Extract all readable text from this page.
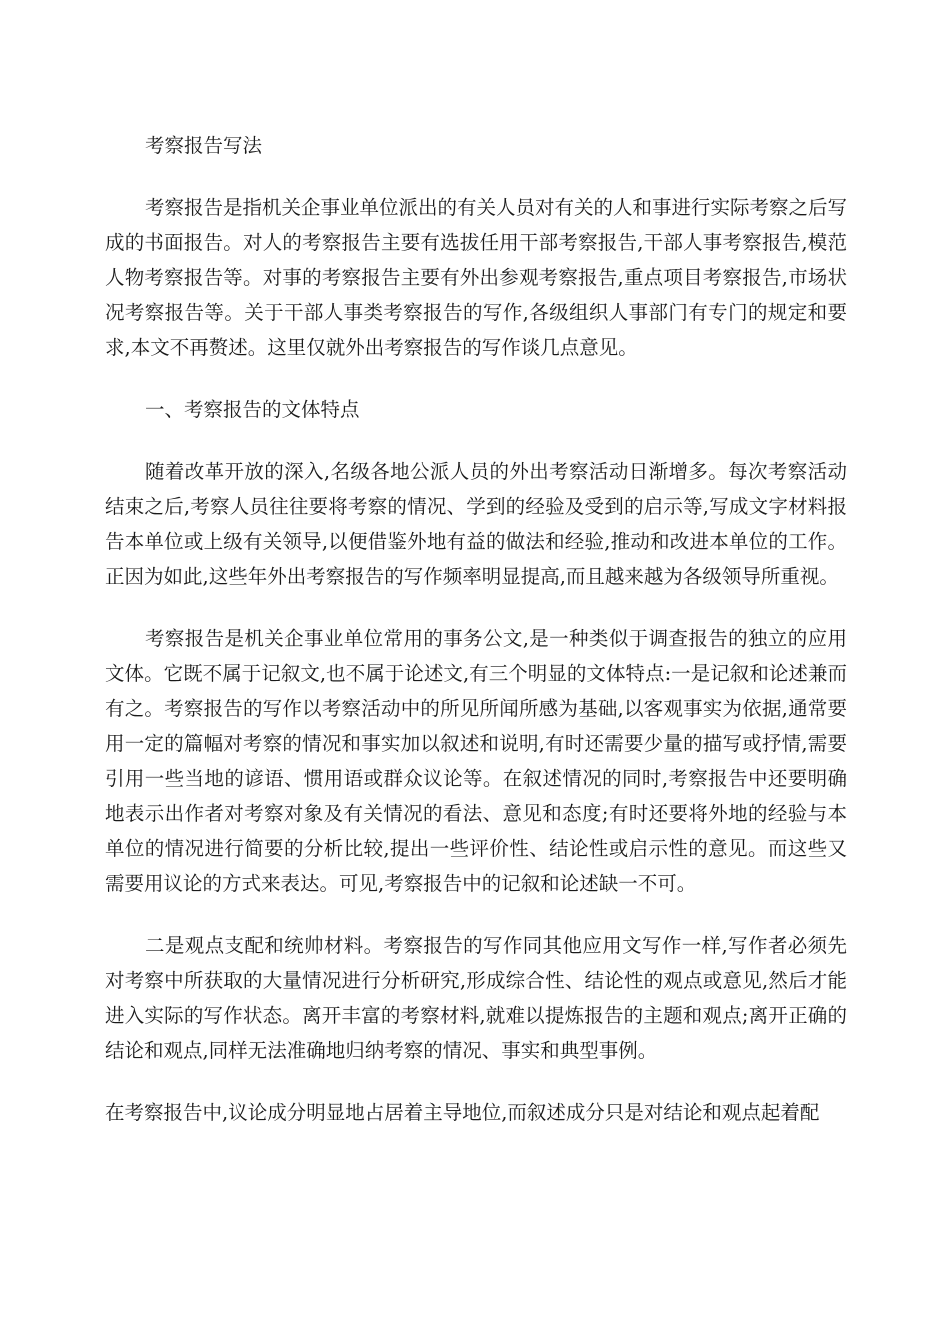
考察报告写法

考察报告是指机关企事业单位派出的有关人员对有关的人和事进行实际考察之后写成的书面报告。对人的考察报告主要有选拔任用干部考察报告,干部人事考察报告,模范人物考察报告等。对事的考察报告主要有外出参观考察报告,重点项目考察报告,市场状况考察报告等。关于干部人事类考察报告的写作,各级组织人事部门有专门的规定和要求,本文不再赘述。这里仅就外出考察报告的写作谈几点意见。

一、考察报告的文体特点

随着改革开放的深入,名级各地公派人员的外出考察活动日渐增多。每次考察活动结束之后,考察人员往往要将考察的情况、学到的经验及受到的启示等,写成文字材料报告本单位或上级有关领导,以便借鉴外地有益的做法和经验,推动和改进本单位的工作。正因为如此,这些年外出考察报告的写作频率明显提高,而且越来越为各级领导所重视。

考察报告是机关企事业单位常用的事务公文,是一种类似于调查报告的独立的应用文体。它既不属于记叙文,也不属于论述文,有三个明显的文体特点:一是记叙和论述兼而有之。考察报告的写作以考察活动中的所见所闻所感为基础,以客观事实为依据,通常要用一定的篇幅对考察的情况和事实加以叙述和说明,有时还需要少量的描写或抒情,需要引用一些当地的谚语、惯用语或群众议论等。在叙述情况的同时,考察报告中还要明确地表示出作者对考察对象及有关情况的看法、意见和态度;有时还要将外地的经验与本单位的情况进行简要的分析比较,提出一些评价性、结论性或启示性的意见。而这些又需要用议论的方式来表达。可见,考察报告中的记叙和论述缺一不可。

二是观点支配和统帅材料。考察报告的写作同其他应用文写作一样,写作者必须先对考察中所获取的大量情况进行分析研究,形成综合性、结论性的观点或意见,然后才能进入实际的写作状态。离开丰富的考察材料,就难以提炼报告的主题和观点;离开正确的结论和观点,同样无法准确地归纳考察的情况、事实和典型事例。

在考察报告中,议论成分明显地占居着主导地位,而叙述成分只是对结论和观点起着配
